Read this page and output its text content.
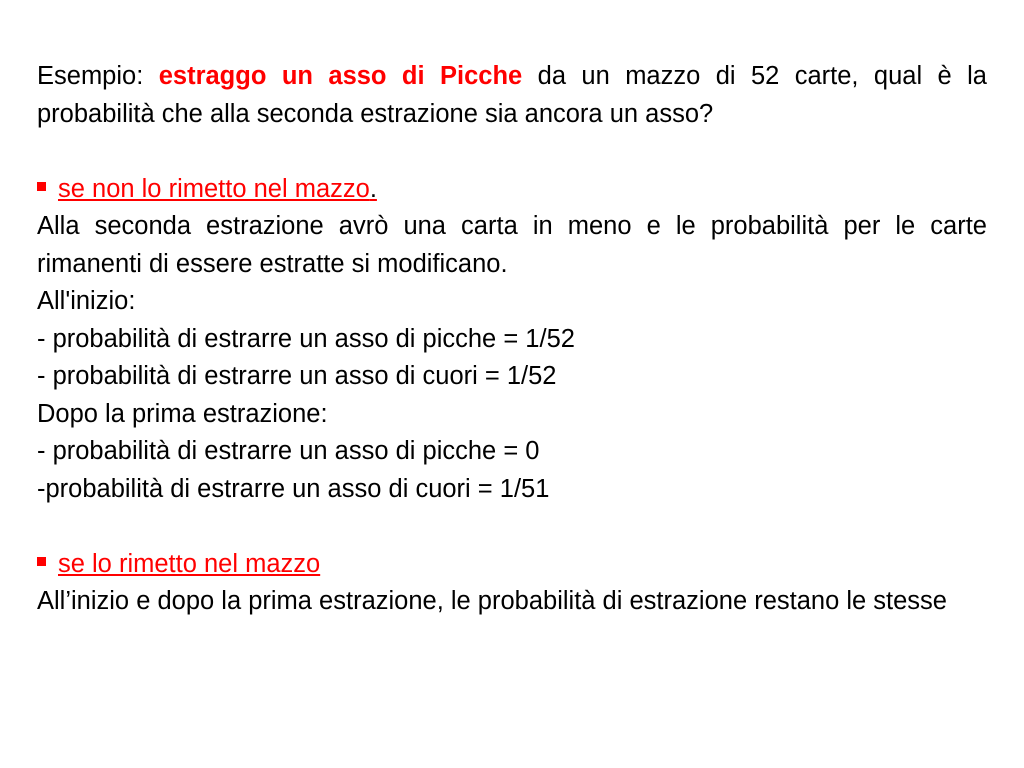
Esempio: estraggo un asso di Picche da un mazzo di 52 carte, qual è la probabilità che alla seconda estrazione sia ancora un asso?

se non lo rimetto nel mazzo.

Alla seconda estrazione avrò una carta in meno e le probabilità per le carte rimanenti di essere estratte si modificano.

All'inizio:

- probabilità di estrarre un asso di picche = 1/52

- probabilità di estrarre un asso di cuori = 1/52

Dopo la prima estrazione:

- probabilità di estrarre un asso di picche = 0

-probabilità di estrarre un asso di cuori = 1/51

se lo rimetto nel mazzo

All’inizio e dopo la prima estrazione, le probabilità di estrazione restano le stesse
